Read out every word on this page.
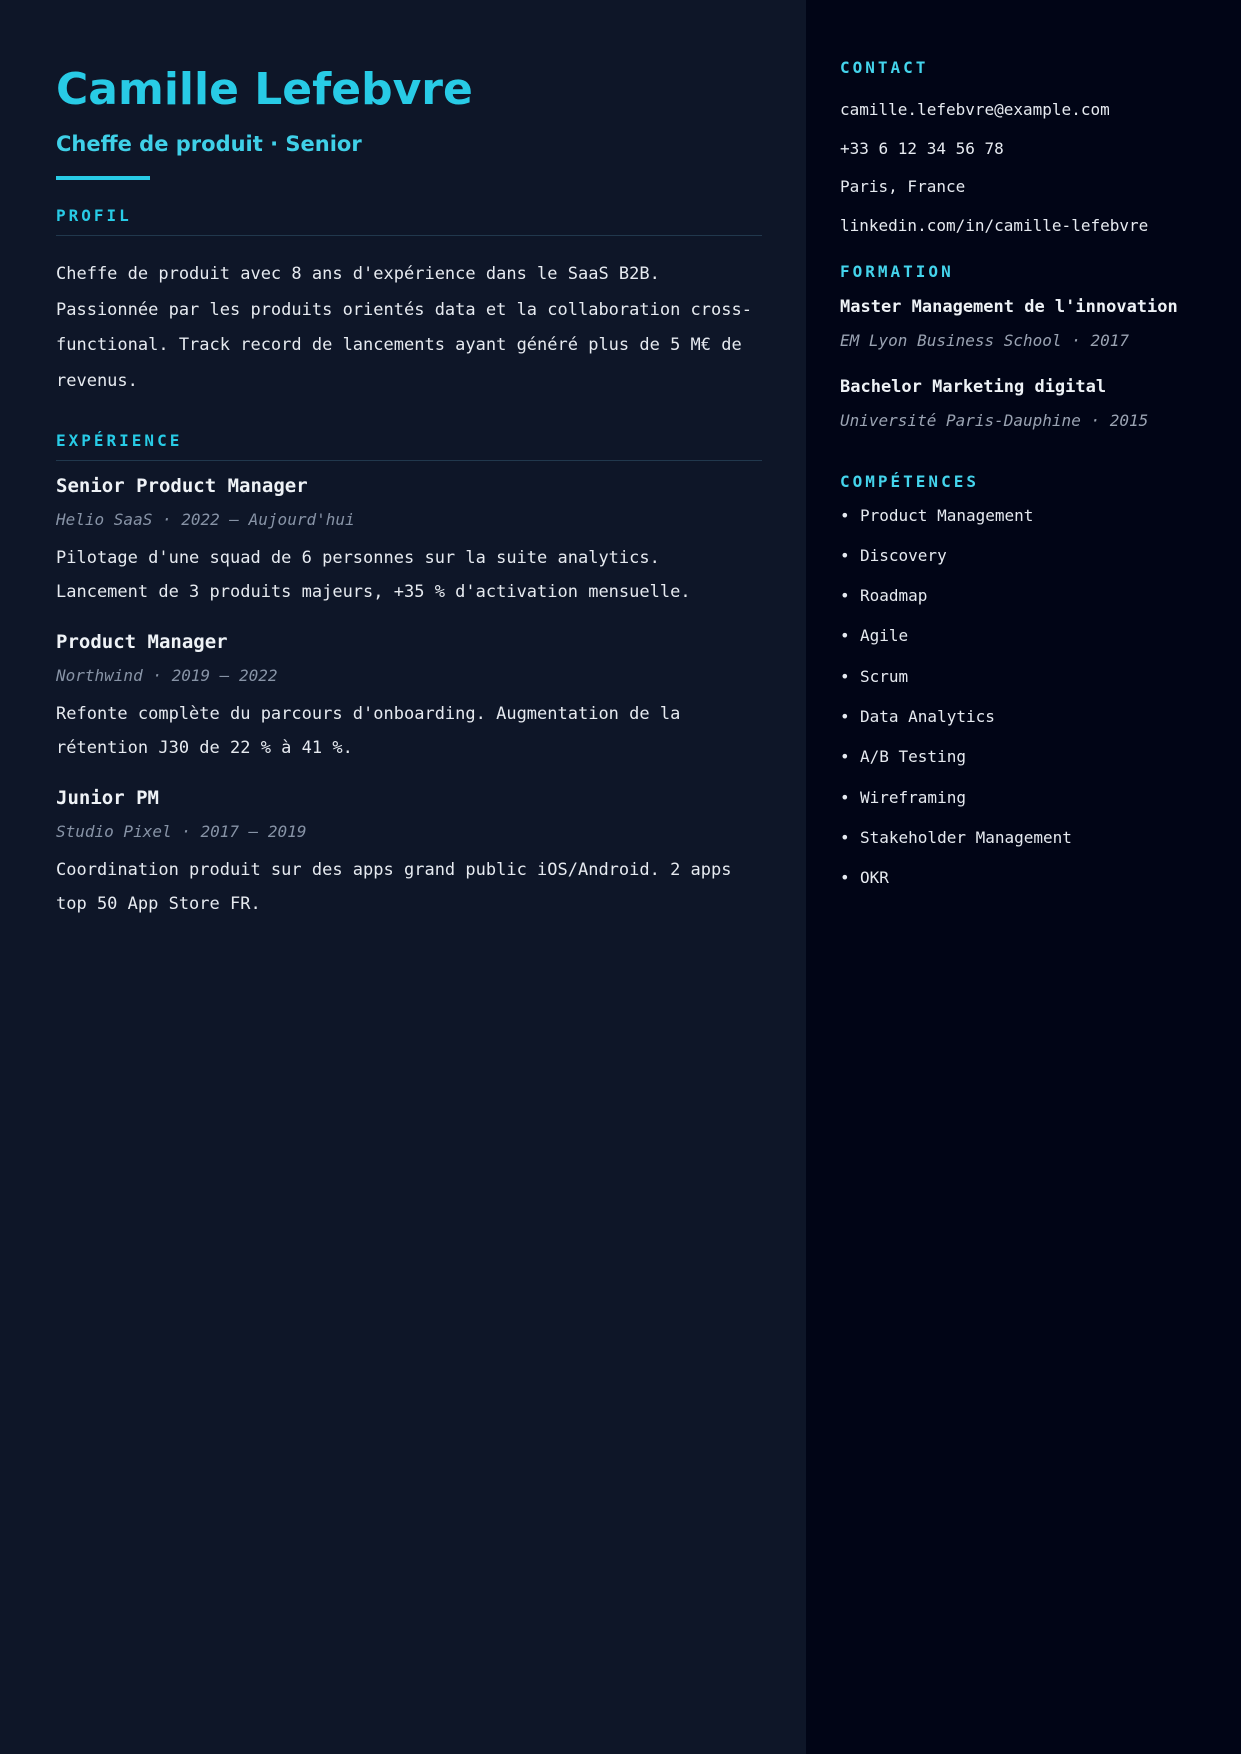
Camille Lefebvre
Cheffe de produit · Senior
PROFIL
Cheffe de produit avec 8 ans d'expérience dans le SaaS B2B. Passionnée par les produits orientés data et la collaboration cross-functional. Track record de lancements ayant généré plus de 5 M€ de revenus.
EXPÉRIENCE
Senior Product Manager
Helio SaaS · 2022 — Aujourd'hui
Pilotage d'une squad de 6 personnes sur la suite analytics. Lancement de 3 produits majeurs, +35 % d'activation mensuelle.
Product Manager
Northwind · 2019 — 2022
Refonte complète du parcours d'onboarding. Augmentation de la rétention J30 de 22 % à 41 %.
Junior PM
Studio Pixel · 2017 — 2019
Coordination produit sur des apps grand public iOS/Android. 2 apps top 50 App Store FR.
CONTACT
camille.lefebvre@example.com
+33 6 12 34 56 78
Paris, France
linkedin.com/in/camille-lefebvre
FORMATION
Master Management de l'innovation
EM Lyon Business School · 2017
Bachelor Marketing digital
Université Paris-Dauphine · 2015
COMPÉTENCES
• Product Management
• Discovery
• Roadmap
• Agile
• Scrum
• Data Analytics
• A/B Testing
• Wireframing
• Stakeholder Management
• OKR
